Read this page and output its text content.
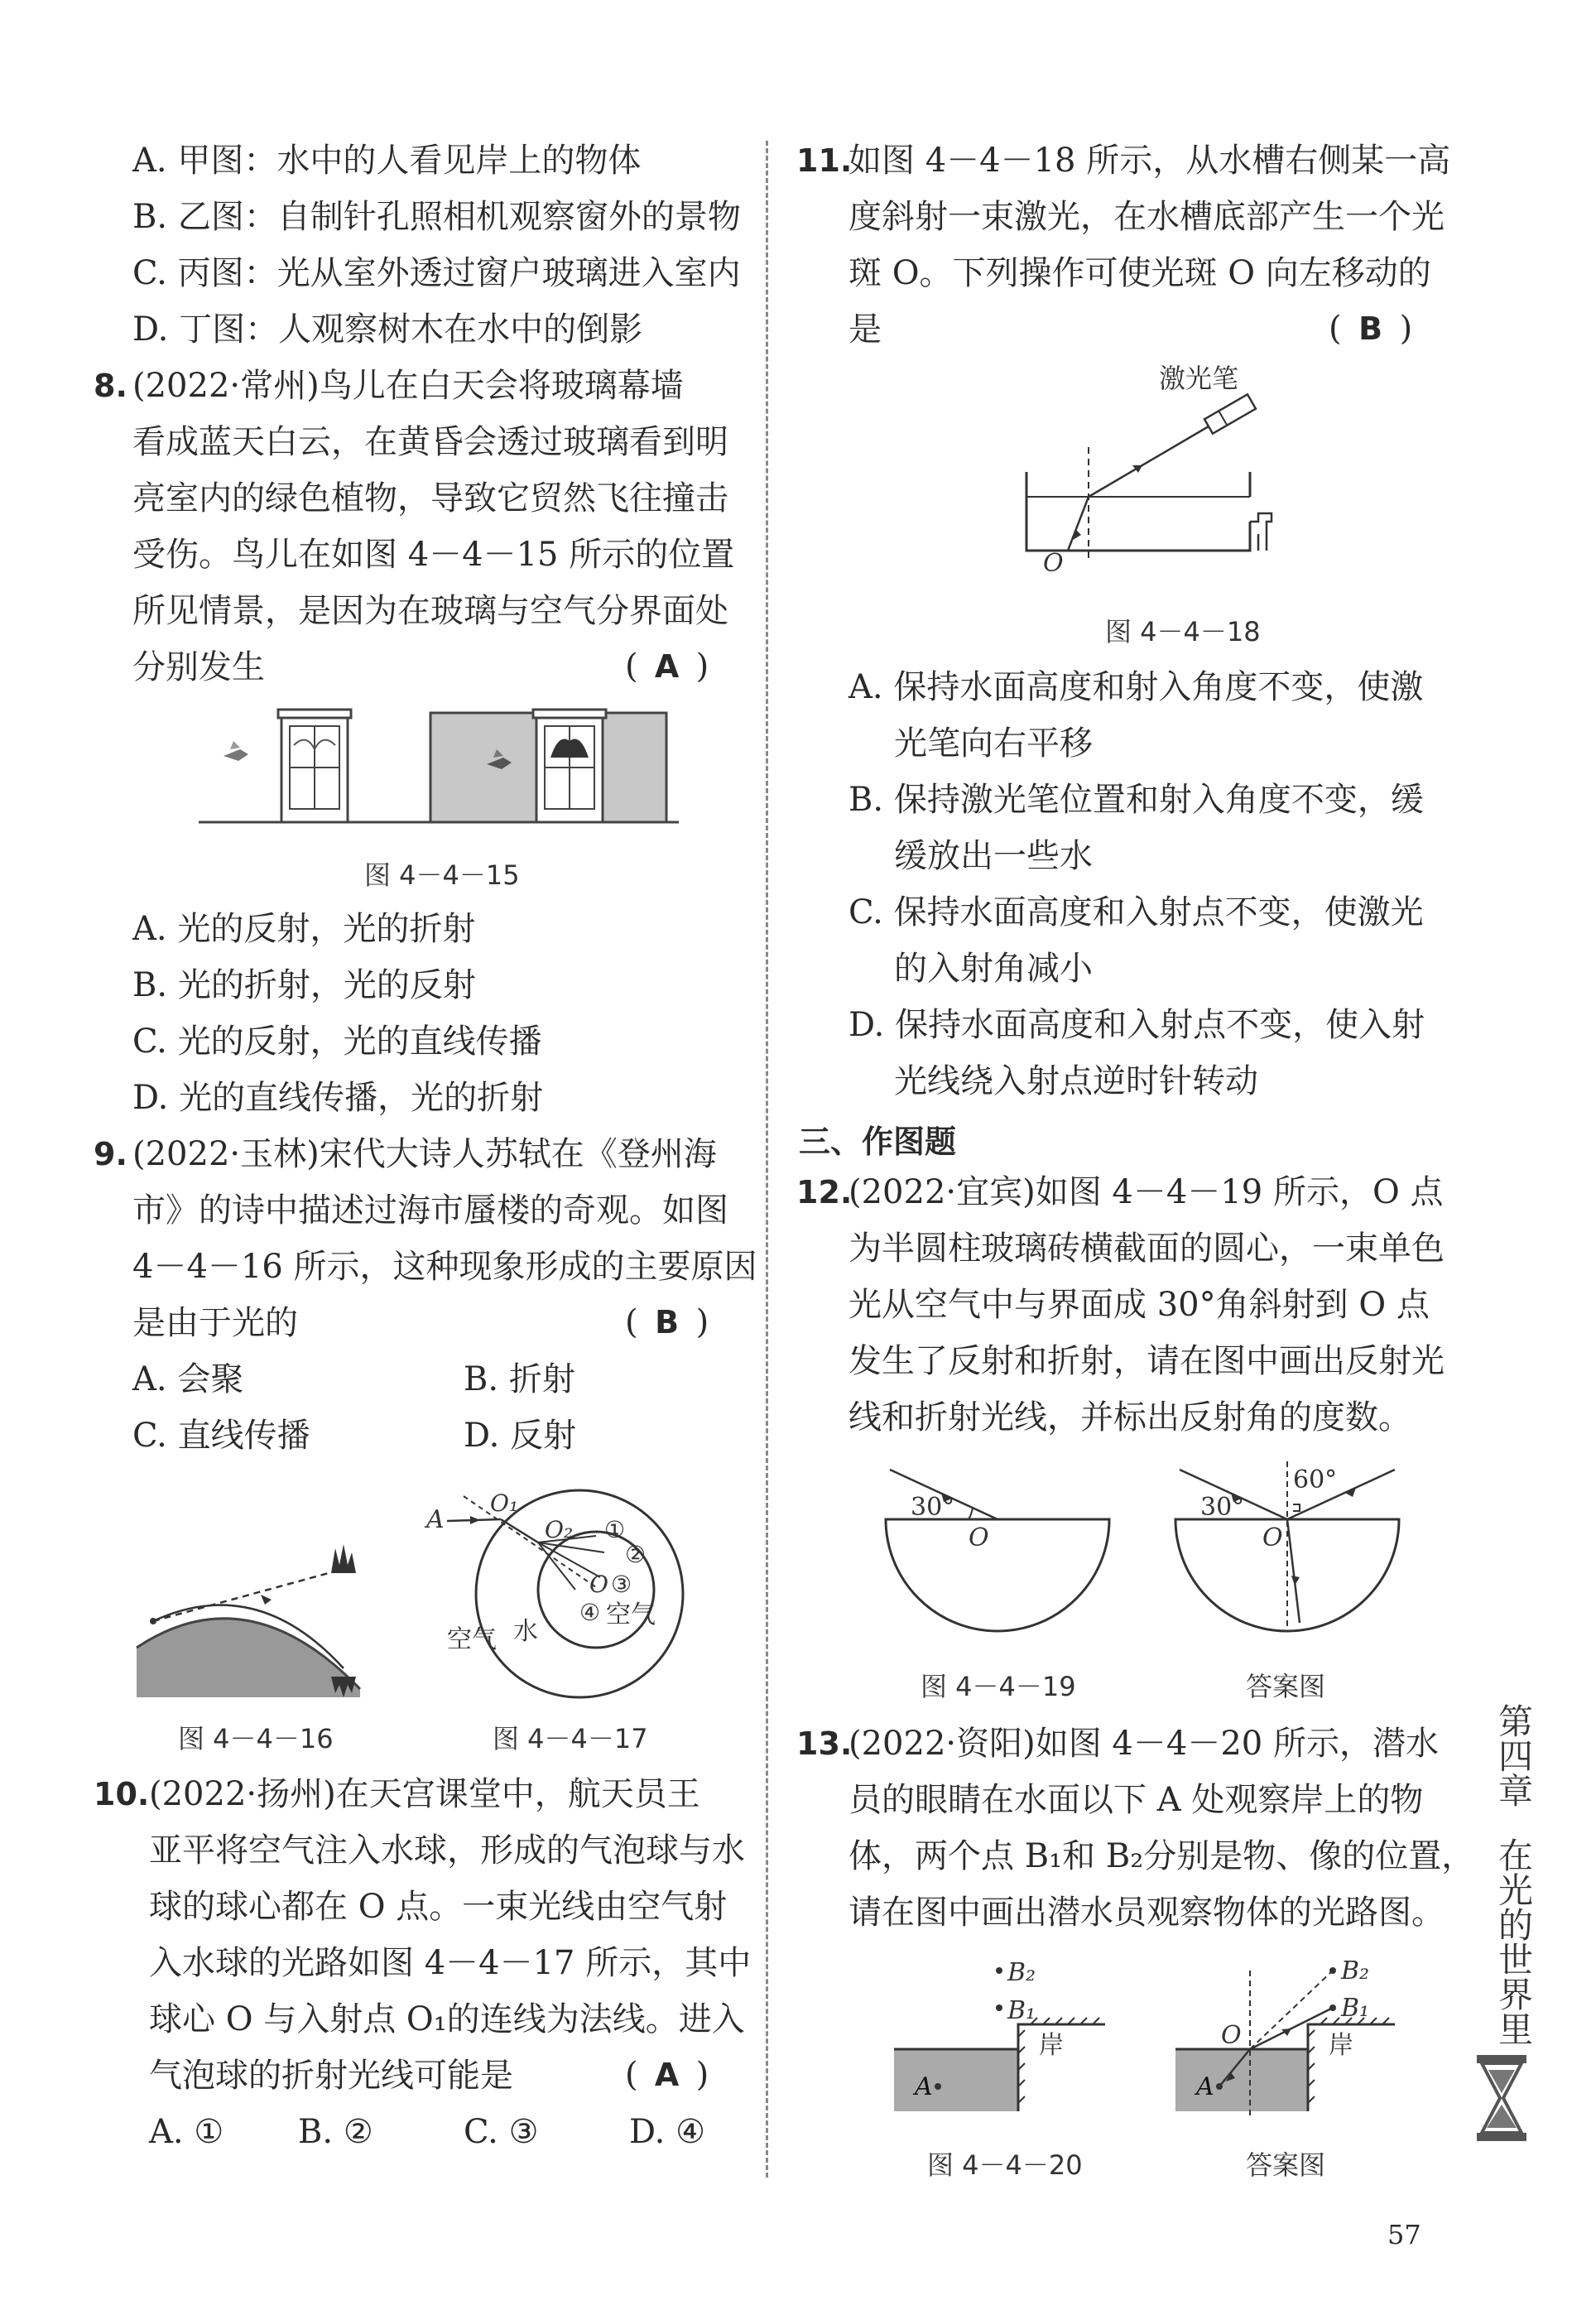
A. 甲图：水中的人看见岸上的物体
B. 乙图：自制针孔照相机观察窗外的景物
C. 丙图：光从室外透过窗户玻璃进入室内
D. 丁图：人观察树木在水中的倒影
8. (2022·常州)鸟儿在白天会将玻璃幕墙
看成蓝天白云，在黄昏会透过玻璃看到明
亮室内的绿色植物，导致它贸然飞往撞击
受伤。鸟儿在如图 4－4－15 所示的位置
所见情景，是因为在玻璃与空气分界面处
分别发生	( A )
图 4－4－15
A. 光的反射，光的折射
B. 光的折射，光的反射
C. 光的反射，光的直线传播
D. 光的直线传播，光的折射
9. (2022·玉林)宋代大诗人苏轼在《登州海
市》的诗中描述过海市蜃楼的奇观。如图
4－4－16 所示，这种现象形成的主要原因
是由于光的	( B )
A. 会聚	B. 折射
C. 直线传播	D. 反射
图 4－4－16
A
O₁
O₂ ①
②
O ③
④ 空气
空气 水
图 4－4－17
10. (2022·扬州)在天宫课堂中，航天员王
亚平将空气注入水球，形成的气泡球与水
球的球心都在 O 点。一束光线由空气射
入水球的光路如图 4－4－17 所示，其中
球心 O 与入射点 O₁的连线为法线。进入
气泡球的折射光线可能是	( A )
A. ① B. ②	C. ③	D. ④
11.
如图 4－4－18 所示，从水槽右侧某一高
度斜射一束激光，在水槽底部产生一个光
斑 O。下列操作可使光斑 O 向左移动的
是	( B )
激光笔
O
图 4－4－18
A. 保持水面高度和射入角度不变，使激
光笔向右平移
B. 保持激光笔位置和射入角度不变，缓
缓放出一些水
C. 保持水面高度和入射点不变，使激光
的入射角减小
D. 保持水面高度和入射点不变，使入射
光线绕入射点逆时针转动
三、作图题
12.
(2022·宜宾)如图 4－4－19 所示，O 点
为半圆柱玻璃砖横截面的圆心，一束单色
光从空气中与界面成 30°角斜射到 O 点
发生了反射和折射，请在图中画出反射光
线和折射光线，并标出反射角的度数。
30°
O
图 4－4－19
30°
60°
O
答案图
13.
(2022·资阳)如图 4－4－20 所示，潜水
员的眼睛在水面以下 A 处观察岸上的物
体，两个点 B₁和 B₂分别是物、像的位置，
请在图中画出潜水员观察物体的光路图。
B₂
B₁
岸
A
图 4－4－20
B₂
B₁
O	岸
A
答案图
第四章
在光的世界里
57
